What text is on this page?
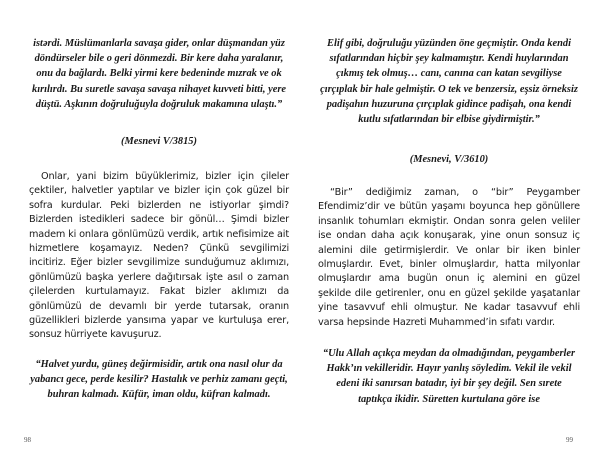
istərdi. Müslümanlarla savaşa gider, onlar düşmandan yüz döndürseler bile o geri dönmezdi. Bir kere daha yaralanır, onu da bağlardı. Belki yirmi kere bedeninde mızrak ve ok kırılırdı. Bu suretle savaşa savaşa nihayet kuvveti bitti, yere düştü. Aşkının doğruluğuyla doğruluk makamına ulaştı.”

(Mesnevi V/3815)

Onlar, yani bizim büyüklerimiz, bizler için çileler çektiler, halvetler yaptılar ve bizler için çok güzel bir sofra kurdular. Peki bizlerden ne istiyorlar şimdi? Bizlerden istedikleri sadece bir gönül… Şimdi bizler madem ki onlara gönlümüzü verdik, artık nefisimize ait hizmetlere koşamayız. Neden? Çünkü sevgilimizi incitiriz. Eğer bizler sevgilimize sunduğumuz aklımızı, gönlümüzü başka yerlere dağıtırsak işte asıl o zaman çilelerden kurtulamayız. Fakat bizler aklımızı da gönlümüzü de devamlı bir yerde tutarsak, oranın güzellikleri bizlerde yansıma yapar ve kurtuluşa erer, sonsuz hürriyete kavuşuruz.

“Halvet yurdu, güneş değirmisidir, artık ona nasıl olur da yabancı gece, perde kesilir? Hastalık ve perhiz zamanı geçti, buhran kalmadı. Küfür, iman oldu, küfran kalmadı.

Elif gibi, doğruluğu yüzünden öne geçmiştir. Onda kendi sıfatlarından hiçbir şey kalmamıştır. Kendi huylarından çıkmış tek olmuş… canı, canına can katan sevgiliyse çırçıplak bir hale gelmiştir. O tek ve benzersiz, eşsiz örneksiz padişahın huzuruna çırçıplak gidince padişah, ona kendi kutlu sıfatlarından bir elbise giydirmiştir.”

(Mesnevi, V/3610)

“Bir” dediğimiz zaman, o “bir” Peygamber Efendimiz’dir ve bütün yaşamı boyunca hep gönüllere insanlık tohumları ekmiştir. Ondan sonra gelen veliler ise ondan daha açık konuşarak, yine onun sonsuz iç alemini dile getirmişlerdir. Ve onlar bir iken binler olmuşlardır. Evet, binler olmuşlardır, hatta milyonlar olmuşlardır ama bugün onun iç alemini en güzel şekilde dile getirenler, onu en güzel şekilde yaşatanlar yine tasavvuf ehli olmuştur. Ne kadar tasavvuf ehli varsa hepsinde Hazreti Muhammed’in sıfatı vardır.

“Ulu Allah açıkça meydan da olmadığından, peygamberler Hakk’ın vekilleridir. Hayır yanlış söyledim. Vekil ile vekil edeni iki sanırsan batadır, iyi bir şey değil. Sen sırete taptıkça ikidir. Süretten kurtulana göre ise

98	99
